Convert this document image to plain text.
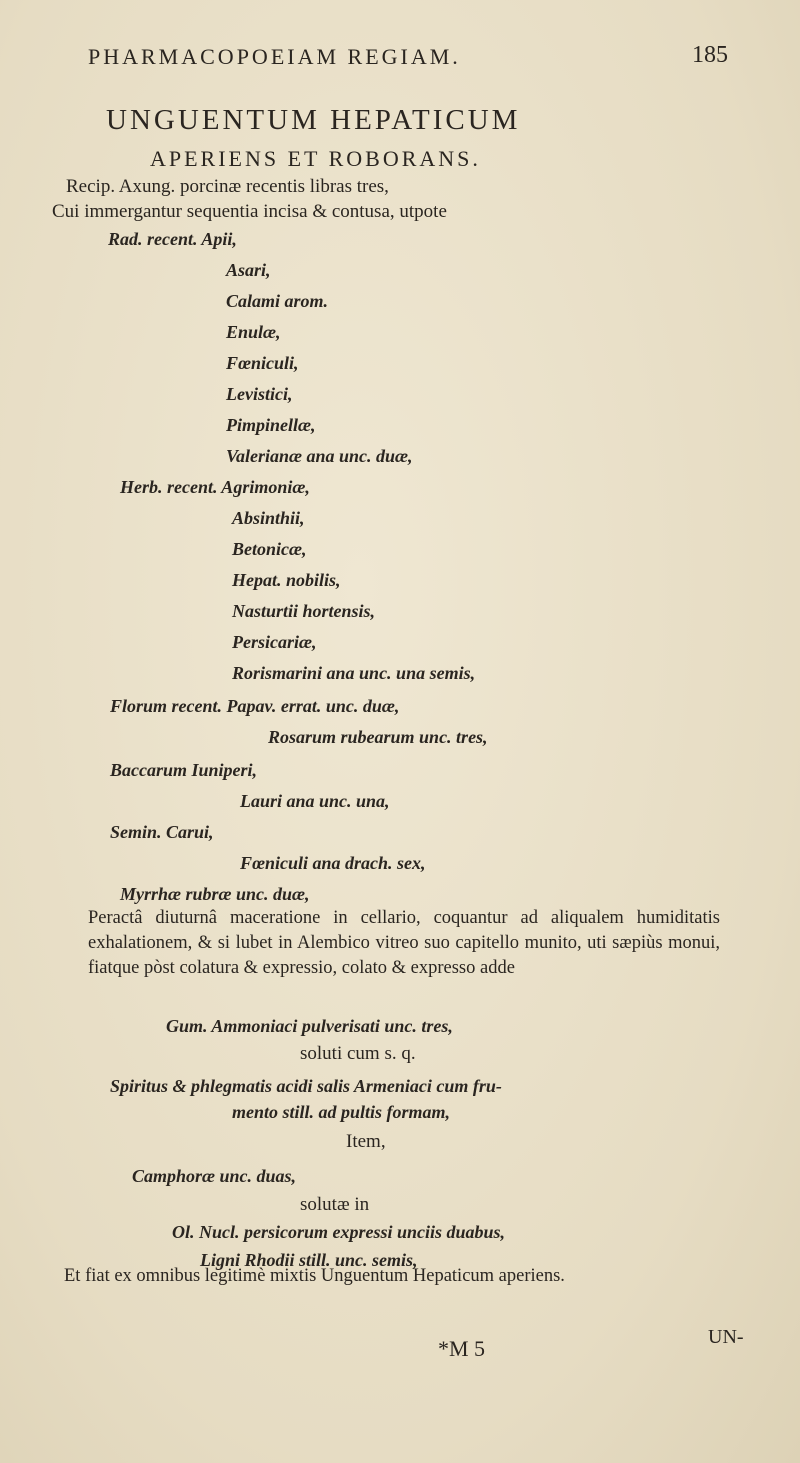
PHARMACOPOEIAM REGIAM.	185
UNGUENTUM HEPATICUM
APERIENS ET ROBORANS.
Recip. Axung. porcinæ recentis libras tres,
Cui immergantur sequentia incisa & contusa, utpote
Rad. recent. Apii,
Asari,
Calami arom.
Enulæ,
Fœniculi,
Levistici,
Pimpinellæ,
Valerianæ ana unc. duæ,
Herb. recent. Agrimoniæ,
Absinthii,
Betonicæ,
Hepat. nobilis,
Nasturtii hortensis,
Persicariæ,
Rorismarini ana unc. una semis,
Florum recent. Papav. errat. unc. duæ,
Rosarum rubearum unc. tres,
Baccarum Iuniperi,
Lauri ana unc. una,
Semin. Carui,
Fœniculi ana drach. sex,
Myrrhæ rubræ unc. duæ,
Peractâ diuturnâ maceratione in cellario, coquantur ad aliqualem humiditatis exhalationem, & si lubet in Alembico vitreo suo capitello munito, uti sæpiùs monui, fiatque pòst colatura & expressio, colato & expresso adde
Gum. Ammoniaci pulverisati unc. tres,
soluti cum s. q.
Spiritus & phlegmatis acidi salis Armeniaci cum fru-
mento still. ad pultis formam,
Item,
Camphoræ unc. duas,
solutæ in
Ol. Nucl. persicorum expressi unciis duabus,
Ligni Rhodii still. unc. semis,
Et fiat ex omnibus legitimè mixtis Unguentum Hepaticum aperiens.
*M 5	UN-
